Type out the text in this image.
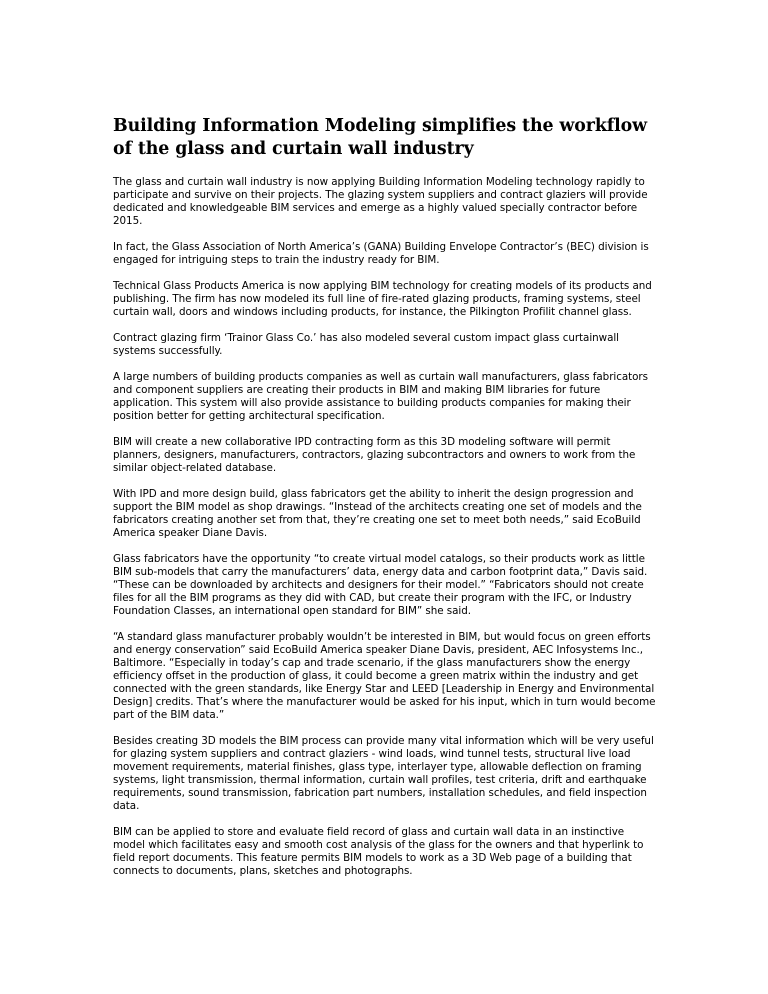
Building Information Modeling simplifies the workflow of the glass and curtain wall industry

The glass and curtain wall industry is now applying Building Information Modeling technology rapidly to participate and survive on their projects. The glazing system suppliers and contract glaziers will provide dedicated and knowledgeable BIM services and emerge as a highly valued specially contractor before 2015.

In fact, the Glass Association of North America’s (GANA) Building Envelope Contractor’s (BEC) division is engaged for intriguing steps to train the industry ready for BIM.

Technical Glass Products America is now applying BIM technology for creating models of its products and publishing. The firm has now modeled its full line of fire-rated glazing products, framing systems, steel curtain wall, doors and windows including products, for instance, the Pilkington Profilit channel glass.

Contract glazing firm ‘Trainor Glass Co.’ has also modeled several custom impact glass curtainwall systems successfully.

A large numbers of building products companies as well as curtain wall manufacturers, glass fabricators and component suppliers are creating their products in BIM and making BIM libraries for future application. This system will also provide assistance to building products companies for making their position better for getting architectural specification.

BIM will create a new collaborative IPD contracting form as this 3D modeling software will permit planners, designers, manufacturers, contractors, glazing subcontractors and owners to work from the similar object-related database.

With IPD and more design build, glass fabricators get the ability to inherit the design progression and support the BIM model as shop drawings. “Instead of the architects creating one set of models and the fabricators creating another set from that, they’re creating one set to meet both needs,” said EcoBuild America speaker Diane Davis.

Glass fabricators have the opportunity “to create virtual model catalogs, so their products work as little BIM sub-models that carry the manufacturers’ data, energy data and carbon footprint data,” Davis said. “These can be downloaded by architects and designers for their model.” “Fabricators should not create files for all the BIM programs as they did with CAD, but create their program with the IFC, or Industry Foundation Classes, an international open standard for BIM” she said.

“A standard glass manufacturer probably wouldn’t be interested in BIM, but would focus on green efforts and energy conservation” said EcoBuild America speaker Diane Davis, president, AEC Infosystems Inc., Baltimore. “Especially in today’s cap and trade scenario, if the glass manufacturers show the energy efficiency offset in the production of glass, it could become a green matrix within the industry and get connected with the green standards, like Energy Star and LEED [Leadership in Energy and Environmental Design] credits. That’s where the manufacturer would be asked for his input, which in turn would become part of the BIM data.”

Besides creating 3D models the BIM process can provide many vital information which will be very useful for glazing system suppliers and contract glaziers - wind loads, wind tunnel tests, structural live load movement requirements, material finishes, glass type, interlayer type, allowable deflection on framing systems, light transmission, thermal information, curtain wall profiles, test criteria, drift and earthquake requirements, sound transmission, fabrication part numbers, installation schedules, and field inspection data.

BIM can be applied to store and evaluate field record of glass and curtain wall data in an instinctive model which facilitates easy and smooth cost analysis of the glass for the owners and that hyperlink to field report documents. This feature permits BIM models to work as a 3D Web page of a building that connects to documents, plans, sketches and photographs.
